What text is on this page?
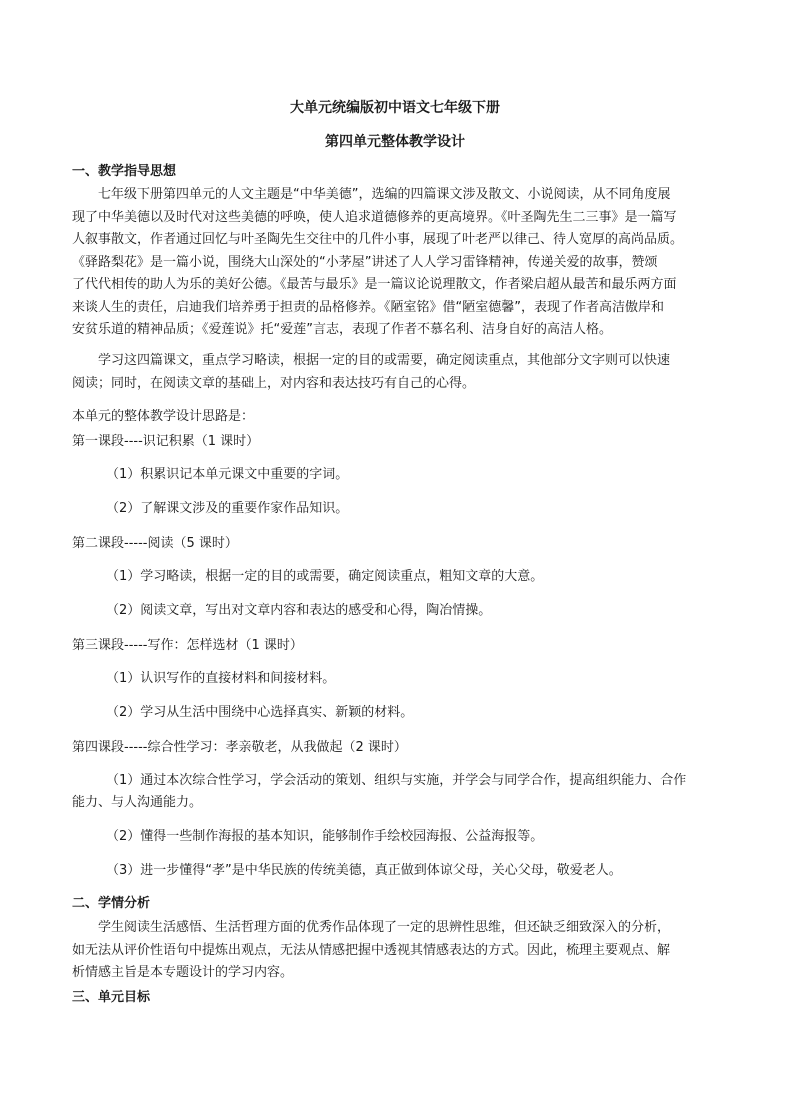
大单元统编版初中语文七年级下册
第四单元整体教学设计
一、教学指导思想
七年级下册第四单元的人文主题是“中华美德”，选编的四篇课文涉及散文、小说阅读，从不同角度展
现了中华美德以及时代对这些美德的呼唤，使人追求道德修养的更高境界。《叶圣陶先生二三事》是一篇写
人叙事散文，作者通过回忆与叶圣陶先生交往中的几件小事，展现了叶老严以律己、待人宽厚的高尚品质。
《驿路梨花》是一篇小说，围绕大山深处的“小茅屋”讲述了人人学习雷锋精神，传递关爱的故事，赞颂
了代代相传的助人为乐的美好公德。《最苦与最乐》是一篇议论说理散文，作者梁启超从最苦和最乐两方面
来谈人生的责任，启迪我们培养勇于担责的品格修养。《陋室铭》借“陋室德馨”，表现了作者高洁傲岸和
安贫乐道的精神品质；《爱莲说》托“爱莲”言志，表现了作者不慕名利、洁身自好的高洁人格。
学习这四篇课文，重点学习略读，根据一定的目的或需要，确定阅读重点，其他部分文字则可以快速
阅读；同时，在阅读文章的基础上，对内容和表达技巧有自己的心得。
本单元的整体教学设计思路是：
第一课段----识记积累（1 课时）
（1）积累识记本单元课文中重要的字词。
（2）了解课文涉及的重要作家作品知识。
第二课段-----阅读（5 课时）
（1）学习略读，根据一定的目的或需要，确定阅读重点，粗知文章的大意。
（2）阅读文章，写出对文章内容和表达的感受和心得，陶冶情操。
第三课段-----写作：怎样选材（1 课时）
（1）认识写作的直接材料和间接材料。
（2）学习从生活中围绕中心选择真实、新颖的材料。
第四课段-----综合性学习：孝亲敬老，从我做起（2 课时）
（1）通过本次综合性学习，学会活动的策划、组织与实施，并学会与同学合作，提高组织能力、合作
能力、与人沟通能力。
（2）懂得一些制作海报的基本知识，能够制作手绘校园海报、公益海报等。
（3）进一步懂得“孝”是中华民族的传统美德，真正做到体谅父母，关心父母，敬爱老人。
二、学情分析
学生阅读生活感悟、生活哲理方面的优秀作品体现了一定的思辨性思维，但还缺乏细致深入的分析，
如无法从评价性语句中提炼出观点，无法从情感把握中透视其情感表达的方式。因此，梳理主要观点、解
析情感主旨是本专题设计的学习内容。
三、单元目标
